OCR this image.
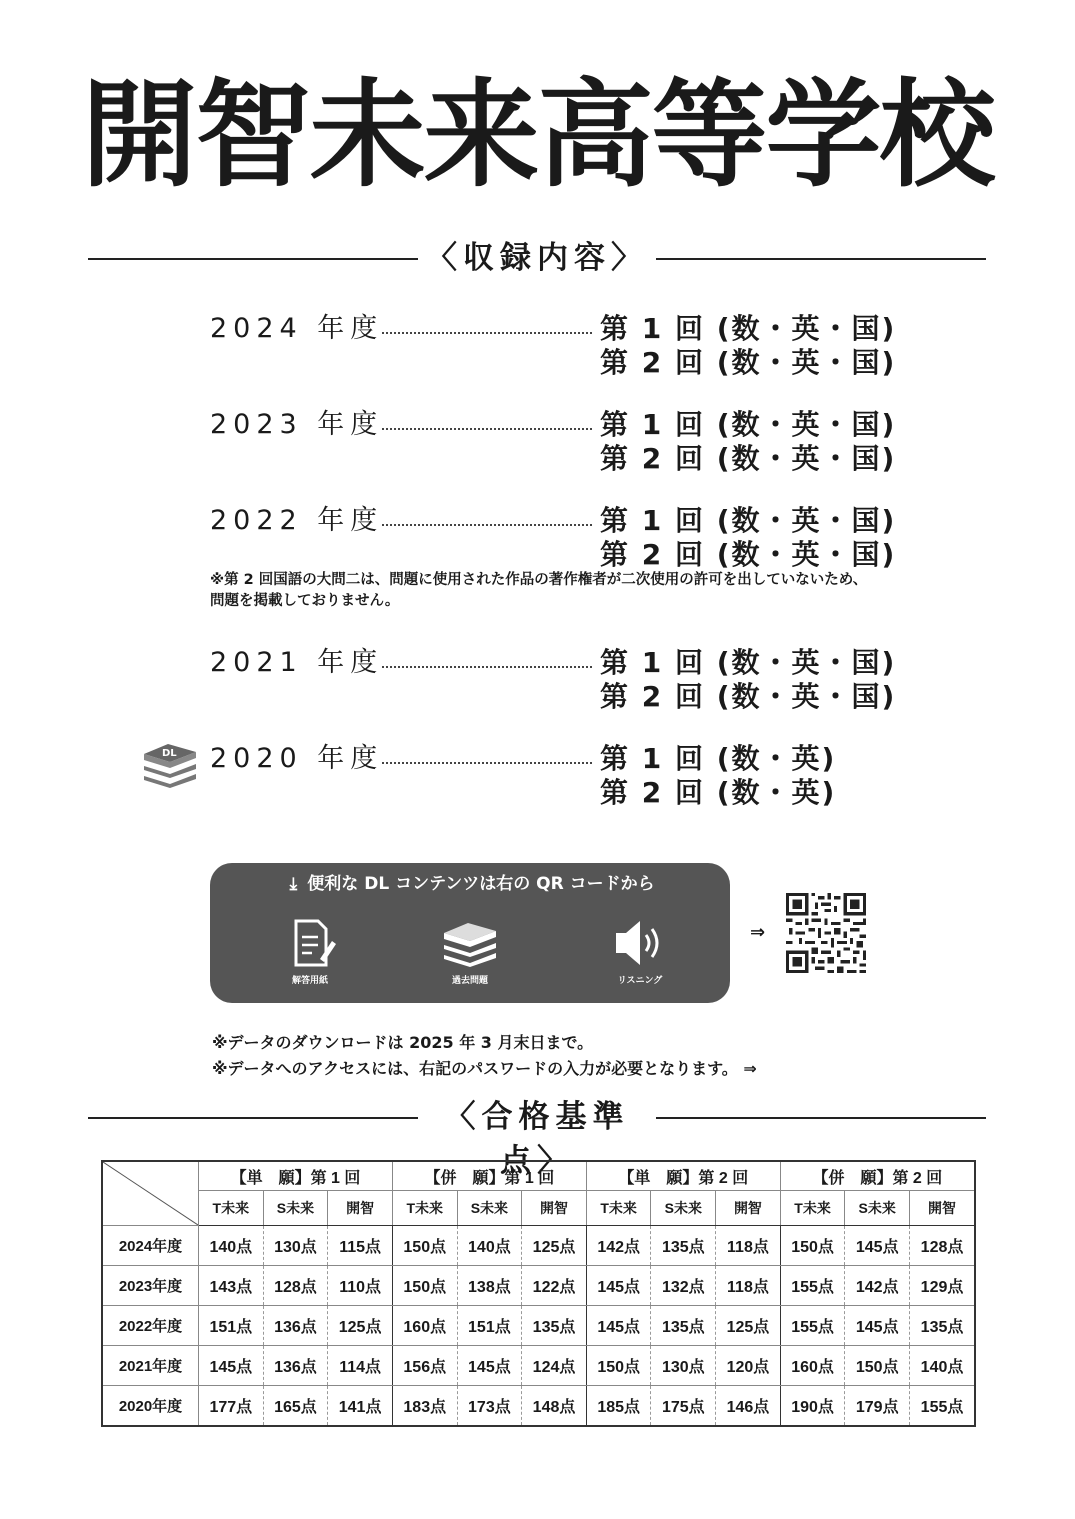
開智未来高等学校
〈収録内容〉
2024 年度	第 1 回 (数・英・国)
第 2 回 (数・英・国)
2023 年度	第 1 回 (数・英・国)
第 2 回 (数・英・国)
2022 年度	第 1 回 (数・英・国)
第 2 回 (数・英・国)
※第 2 回国語の大問二は、問題に使用された作品の著作権者が二次使用の許可を出していないため、問題を掲載しておりません。
2021 年度	第 1 回 (数・英・国)
第 2 回 (数・英・国)
DL 2020 年度	第 1 回 (数・英)
第 2 回 (数・英)
⤓ 便利な DL コンテンツは右の QR コードから
解答用紙	過去問題	リスニング
⇒
※データのダウンロードは 2025 年 3 月末日まで。
※データへのアクセスには、右記のパスワードの入力が必要となります。 ⇒
〈合格基準点〉
	【単　願】第 1 回			【併　願】第 1 回			【単　願】第 2 回			【併　願】第 2 回		
	T未来	S未来	開智	T未来	S未来	開智	T未来	S未来	開智	T未来	S未来	開智
2024年度	140点	130点	115点	150点	140点	125点	142点	135点	118点	150点	145点	128点
2023年度	143点	128点	110点	150点	138点	122点	145点	132点	118点	155点	142点	129点
2022年度	151点	136点	125点	160点	151点	135点	145点	135点	125点	155点	145点	135点
2021年度	145点	136点	114点	156点	145点	124点	150点	130点	120点	160点	150点	140点
2020年度	177点	165点	141点	183点	173点	148点	185点	175点	146点	190点	179点	155点
